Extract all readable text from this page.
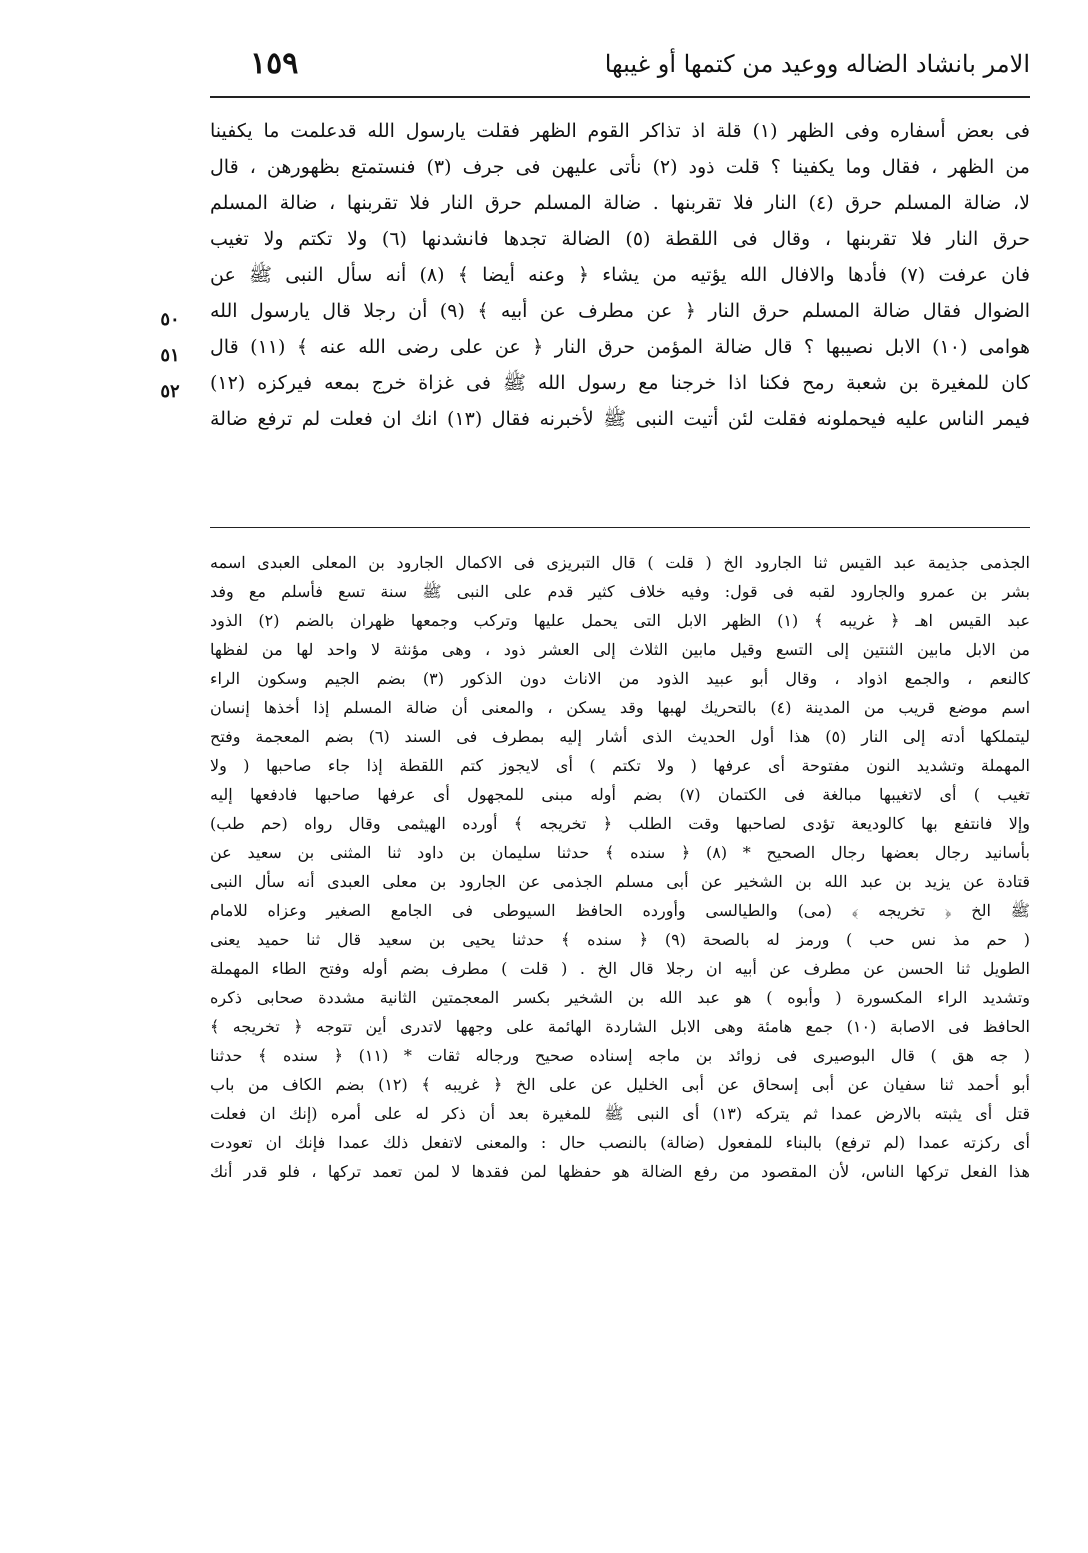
الامر بانشاد الضاله ووعيد من كتمها أو غيبها
١٥٩
فى بعض أسفاره وفى الظهر (١) قلة اذ تذاكر القوم الظهر فقلت يارسول الله قدعلمت ما يكفينا
من الظهر ، فقال وما يكفينا ؟ قلت ذود (٢) نأتى عليهن فى جرف (٣) فنستمتع بظهورهن ، قال
لا، ضالة المسلم حرق (٤) النار فلا تقربنها . ضالة المسلم حرق النار فلا تقربنها ، ضالة المسلم
حرق النار فلا تقربنها ، وقال فى اللقطة (٥) الضالة تجدها فانشدنها (٦) ولا تكتم ولا تغيب
فان عرفت (٧) فأدها والافال الله يؤتيه من يشاء ﴿ وعنه أيضا ﴾ (٨) أنه سأل النبى ﷺ عن
الضوال فقال ضالة المسلم حرق النار ﴿ عن مطرف عن أبيه ﴾ (٩) أن رجلا قال يارسول الله
هوامى (١٠) الابل نصيبها ؟ قال ضالة المؤمن حرق النار ﴿ عن على رضى الله عنه ﴾ (١١) قال
كان للمغيرة بن شعبة رمح فكنا اذا خرجنا مع رسول الله ﷺ فى غزاة خرج بمعه فيركزه (١٢)
فيمر الناس عليه فيحملونه فقلت لئن أتيت النبى ﷺ لأخبرنه فقال (١٣) انك ان فعلت لم ترفع ضالة
٥٠
٥١
٥٢
الجذمى جذيمة عبد القيس ثنا الجارود الخ ( قلت ) قال التبريزى فى الاكمال الجارود بن المعلى العبدى اسمه
بشر بن عمرو والجارود لقبه فى قول: وفيه خلاف كثير قدم على النبى ﷺ سنة تسع فأسلم مع وفد
عبد القيس اهـ ﴿ غريبه ﴾ (١) الظهر الابل التى يحمل عليها وتركب وجمعها ظهران بالضم (٢) الذود
من الابل مابين الثنتين إلى التسع وقيل مابين الثلاث إلى العشر ذود ، وهى مؤنثة لا واحد لها من لفظها
كالنعم ، والجمع اذواد ، وقال أبو عبيد الذود من الاناث دون الذكور (٣) بضم الجيم وسكون الراء
اسم موضع قريب من المدينة (٤) بالتحريك لهبها وقد يسكن ، والمعنى أن ضالة المسلم إذا أخذها إنسان
ليتملكها أدته إلى النار (٥) هذا أول الحديث الذى أشار إليه بمطرف فى السند (٦) بضم المعجمة وفتح
المهملة وتشديد النون مفتوحة أى عرفها ( ولا تكتم ) أى لايجوز كتم اللقطة إذا جاء صاحبها ( ولا
تغيب ) أى لاتغيبها مبالغة فى الكتمان (٧) بضم أوله مبنى للمجهول أى عرفها صاحبها فادفعها إليه
وإلا فانتفع بها كالوديعة تؤدى لصاحبها وقت الطلب ﴿ تخريجه ﴾ أورده الهيثمى وقال رواه (حم طب)
بأسانيد رجال بعضها رجال الصحيح * (٨) ﴿ سنده ﴾ حدثنا سليمان بن داود ثنا المثنى بن سعيد عن
قتادة عن يزيد بن عبد الله بن الشخير عن أبى مسلم الجذمى عن الجارود بن معلى العبدى أنه سأل النبى
ﷺ الخ ﴿ تخريجه ﴾ (مى) والطيالسى وأورده الحافظ السيوطى فى الجامع الصغير وعزاه للامام
( حم مذ نس حب ) ورمز له بالصحة (٩) ﴿ سنده ﴾ حدثنا يحيى بن سعيد قال ثنا حميد يعنى
الطويل ثنا الحسن عن مطرف عن أبيه ان رجلا قال الخ . ( قلت ) مطرف بضم أوله وفتح الطاء المهملة
وتشديد الراء المكسورة ( وأبوه ) هو عبد الله بن الشخير بكسر المعجمتين الثانية مشددة صحابى ذكره
الحافظ فى الاصابة (١٠) جمع هامئة وهى الابل الشاردة الهائمة على وجهها لاتدرى أين تتوجه ﴿ تخريجه ﴾
( جه هق ) قال البوصيرى فى زوائد بن ماجه إسناده صحيح ورجاله ثقات * (١١) ﴿ سنده ﴾ حدثنا
أبو أحمد ثنا سفيان عن أبى إسحاق عن أبى الخليل عن على الخ ﴿ غريبه ﴾ (١٢) بضم الكاف من باب
قتل أى يثبته بالارض عمدا ثم يتركه (١٣) أى النبى ﷺ للمغيرة بعد أن ذكر له على أمره (إنك ان فعلت
أى ركزته عمدا (لم ترفع) بالبناء للمفعول (ضالة) بالنصب حال : والمعنى لاتفعل ذلك عمدا فإنك ان تعودت
هذا الفعل تركها الناس، لأن المقصود من رفع الضالة هو حفظها لمن فقدها لا لمن تعمد تركها ، فلو قدر أنك
